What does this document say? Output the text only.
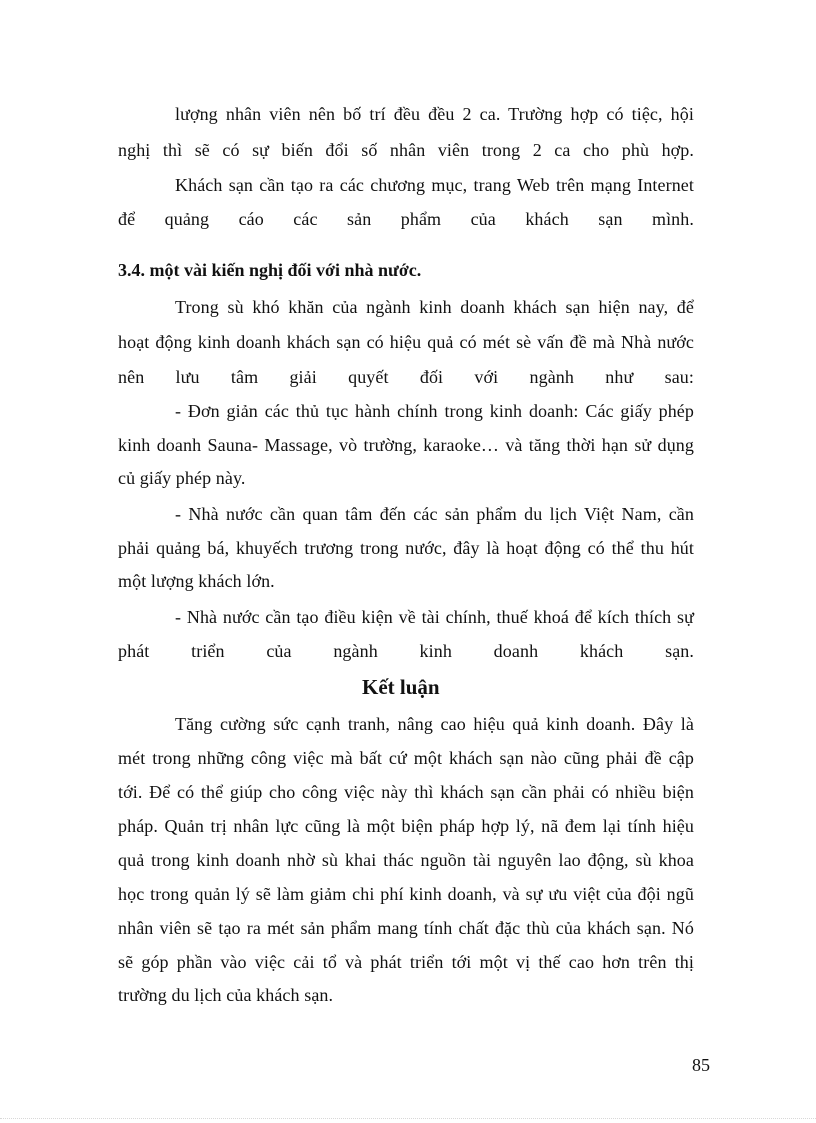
lượng nhân viên nên bố trí đều đều 2 ca. Trường hợp có tiệc, hội
nghị thì sẽ có sự biến đổi số nhân viên trong 2 ca cho phù hợp.
Khách sạn cần tạo ra các chương mục, trang Web trên mạng Internet
để quảng cáo các sản phẩm của khách sạn mình.
3.4. một vài kiến nghị đối với nhà nước.
Trong sù khó khăn của ngành kinh doanh khách sạn hiện nay, để
hoạt động kinh doanh khách sạn có hiệu quả có mét sè vấn đề mà Nhà nước
nên lưu tâm giải quyết đối với ngành như sau:
- Đơn giản các thủ tục hành chính trong kinh doanh: Các giấy phép
kinh doanh Sauna- Massage, vò trường, karaoke… và tăng thời hạn sử dụng
củ giấy phép này.
- Nhà nước cần quan tâm đến các sản phẩm du lịch Việt Nam, cần
phải quảng bá, khuyếch trương trong nước, đây là hoạt động có thể thu hút
một lượng khách lớn.
- Nhà nước cần tạo điều kiện về tài chính, thuế khoá để kích thích sự
phát triển của ngành kinh doanh khách sạn.
Kết luận
Tăng cường sức cạnh tranh, nâng cao hiệu quả kinh doanh. Đây là
mét trong những công việc mà bất cứ một khách sạn nào cũng phải đề cập
tới. Để có thể giúp cho công việc này thì khách sạn cần phải có nhiều biện
pháp. Quản trị nhân lực cũng là một biện pháp hợp lý, nã đem lại tính hiệu
quả trong kinh doanh nhờ sù khai thác nguồn tài nguyên lao động, sù khoa
học trong quản lý sẽ làm giảm chi phí kinh doanh, và sự ưu việt của đội ngũ
nhân viên sẽ tạo ra mét sản phẩm mang tính chất đặc thù của khách sạn. Nó
sẽ góp phần vào việc cải tổ và phát triển tới một vị thế cao hơn trên thị
trường du lịch của khách sạn.
85
